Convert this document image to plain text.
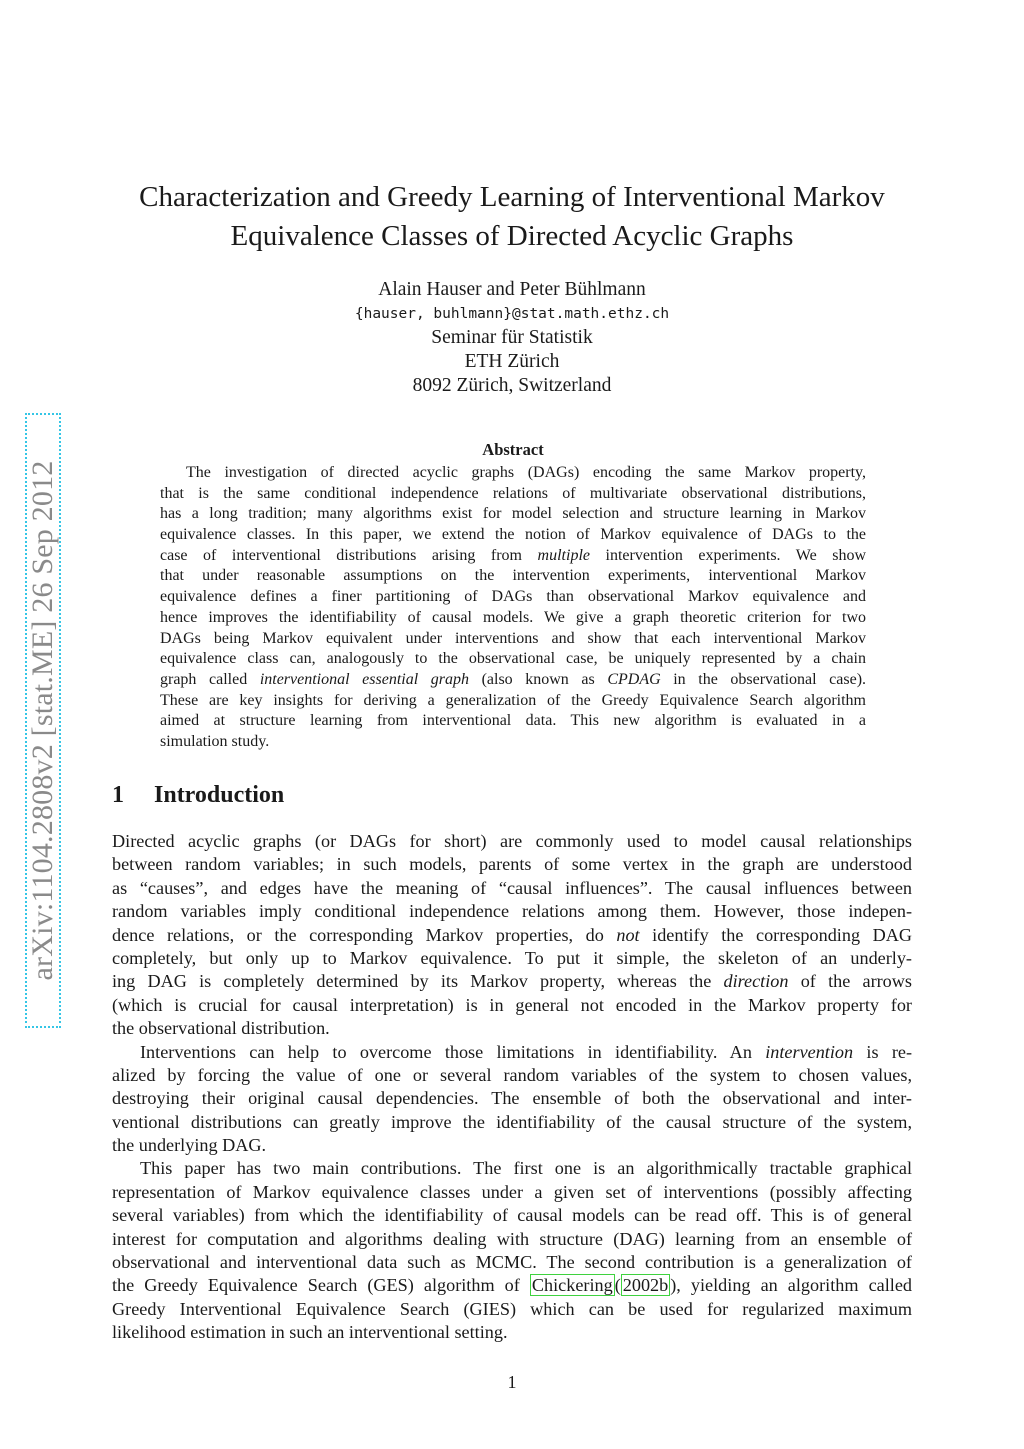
Characterization and Greedy Learning of Interventional Markov
Equivalence Classes of Directed Acyclic Graphs
Alain Hauser and Peter Bühlmann
{hauser, buhlmann}@stat.math.ethz.ch
Seminar für Statistik
ETH Zürich
8092 Zürich, Switzerland
arXiv:1104.2808v2 [stat.ME] 26 Sep 2012
Abstract
The investigation of directed acyclic graphs (DAGs) encoding the same Markov property,
that is the same conditional independence relations of multivariate observational distributions,
has a long tradition; many algorithms exist for model selection and structure learning in Markov
equivalence classes. In this paper, we extend the notion of Markov equivalence of DAGs to the
case of interventional distributions arising from multiple intervention experiments. We show
that under reasonable assumptions on the intervention experiments, interventional Markov
equivalence defines a finer partitioning of DAGs than observational Markov equivalence and
hence improves the identifiability of causal models. We give a graph theoretic criterion for two
DAGs being Markov equivalent under interventions and show that each interventional Markov
equivalence class can, analogously to the observational case, be uniquely represented by a chain
graph called interventional essential graph (also known as CPDAG in the observational case).
These are key insights for deriving a generalization of the Greedy Equivalence Search algorithm
aimed at structure learning from interventional data. This new algorithm is evaluated in a
simulation study.
1 Introduction
Directed acyclic graphs (or DAGs for short) are commonly used to model causal relationships
between random variables; in such models, parents of some vertex in the graph are understood
as “causes”, and edges have the meaning of “causal influences”. The causal influences between
random variables imply conditional independence relations among them. However, those indepen-
dence relations, or the corresponding Markov properties, do not identify the corresponding DAG
completely, but only up to Markov equivalence. To put it simple, the skeleton of an underly-
ing DAG is completely determined by its Markov property, whereas the direction of the arrows
(which is crucial for causal interpretation) is in general not encoded in the Markov property for
the observational distribution.
Interventions can help to overcome those limitations in identifiability. An intervention is re-
alized by forcing the value of one or several random variables of the system to chosen values,
destroying their original causal dependencies. The ensemble of both the observational and inter-
ventional distributions can greatly improve the identifiability of the causal structure of the system,
the underlying DAG.
This paper has two main contributions. The first one is an algorithmically tractable graphical
representation of Markov equivalence classes under a given set of interventions (possibly affecting
several variables) from which the identifiability of causal models can be read off. This is of general
interest for computation and algorithms dealing with structure (DAG) learning from an ensemble of
observational and interventional data such as MCMC. The second contribution is a generalization of
the Greedy Equivalence Search (GES) algorithm of Chickering ( 2002b ), yielding an algorithm called
Greedy Interventional Equivalence Search (GIES) which can be used for regularized maximum
likelihood estimation in such an interventional setting.
1
